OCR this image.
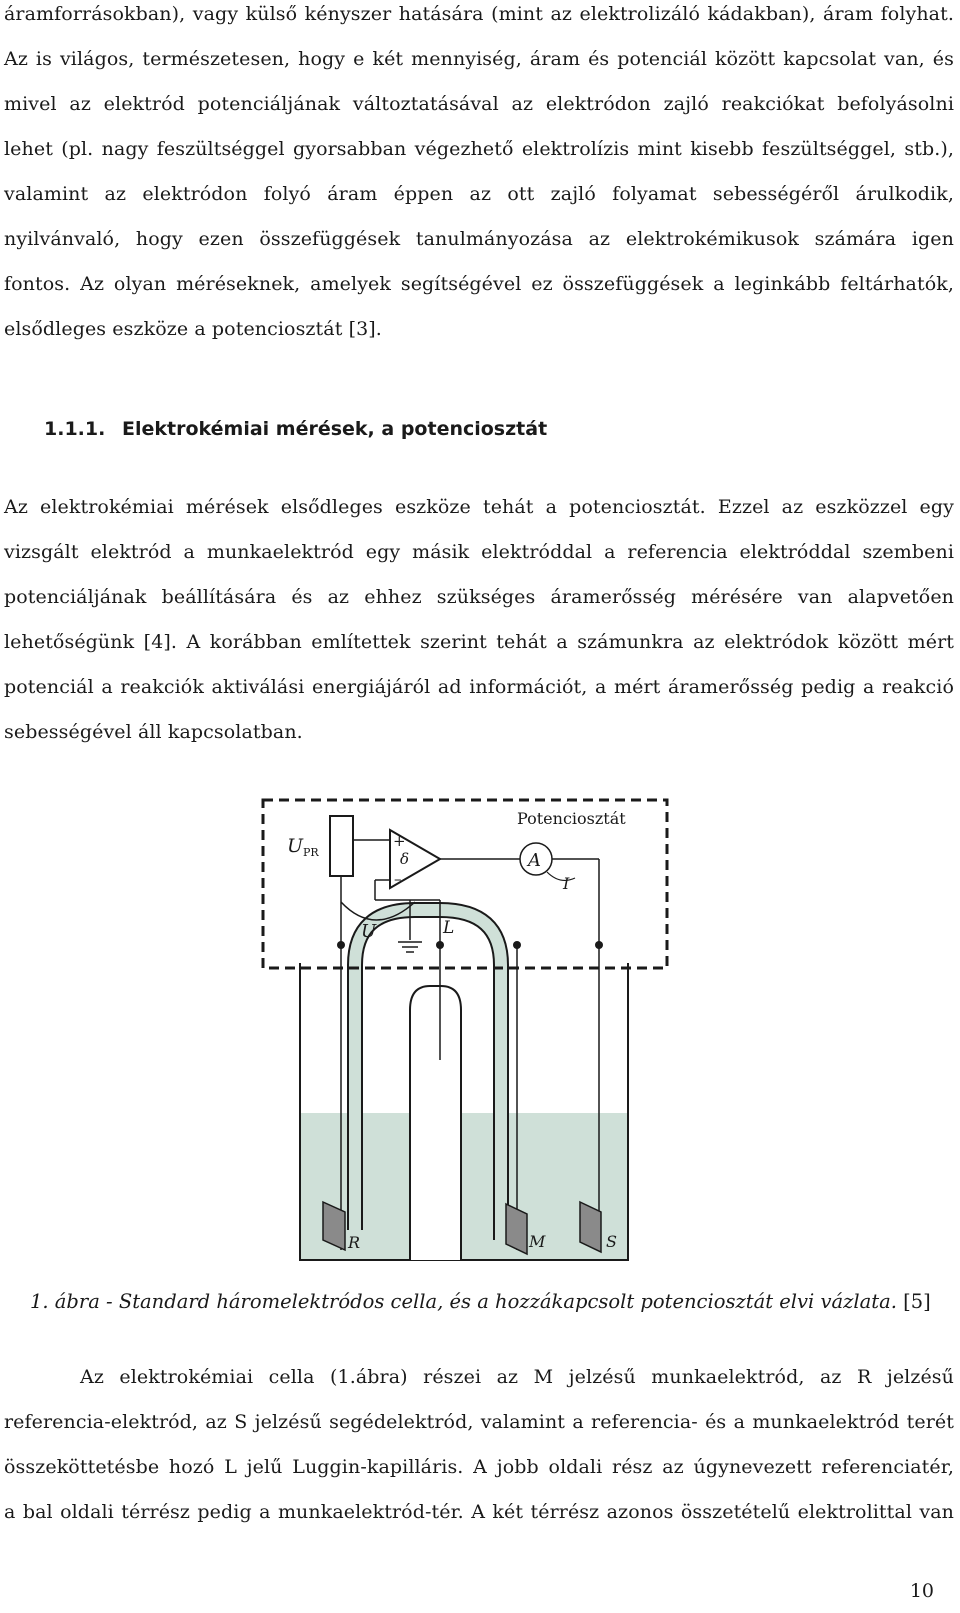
áramforrásokban), vagy külső kényszer hatására (mint az elektrolizáló kádakban), áram folyhat.
Az is világos, természetesen, hogy e két mennyiség, áram és potenciál között kapcsolat van, és
mivel az elektród potenciáljának változtatásával az elektródon zajló reakciókat befolyásolni
lehet (pl. nagy feszültséggel gyorsabban végezhető elektrolízis mint kisebb feszültséggel, stb.),
valamint az elektródon folyó áram éppen az ott zajló folyamat sebességéről árulkodik,
nyilvánvaló, hogy ezen összefüggések tanulmányozása az elektrokémikusok számára igen
fontos. Az olyan méréseknek, amelyek segítségével ez összefüggések a leginkább feltárhatók,
elsődleges eszköze a potenciosztát [3].
1.1.1. Elektrokémiai mérések, a potenciosztát
Az elektrokémiai mérések elsődleges eszköze tehát a potenciosztát. Ezzel az eszközzel egy
vizsgált elektród a munkaelektród egy másik elektróddal a referencia elektróddal szembeni
potenciáljának beállítására és az ehhez szükséges áramerősség mérésére van alapvetően
lehetőségünk [4]. A korábban említettek szerint tehát a számunkra az elektródok között mért
potenciál a reakciók aktiválási energiájáról ad információt, a mért áramerősség pedig a reakció
sebességével áll kapcsolatban.
L
Potenciosztát
$U_{PR}$
+
δ
–
U
A
I
R	M	S
1. ábra - Standard háromelektródos cella, és a hozzákapcsolt potenciosztát elvi vázlata. [5]
Az elektrokémiai cella (1.ábra) részei az M jelzésű munkaelektród, az R jelzésű
referencia-elektród, az S jelzésű segédelektród, valamint a referencia- és a munkaelektród terét
összeköttetésbe hozó L jelű Luggin-kapilláris. A jobb oldali rész az úgynevezett referenciatér,
a bal oldali térrész pedig a munkaelektród-tér. A két térrész azonos összetételű elektrolittal van
10
